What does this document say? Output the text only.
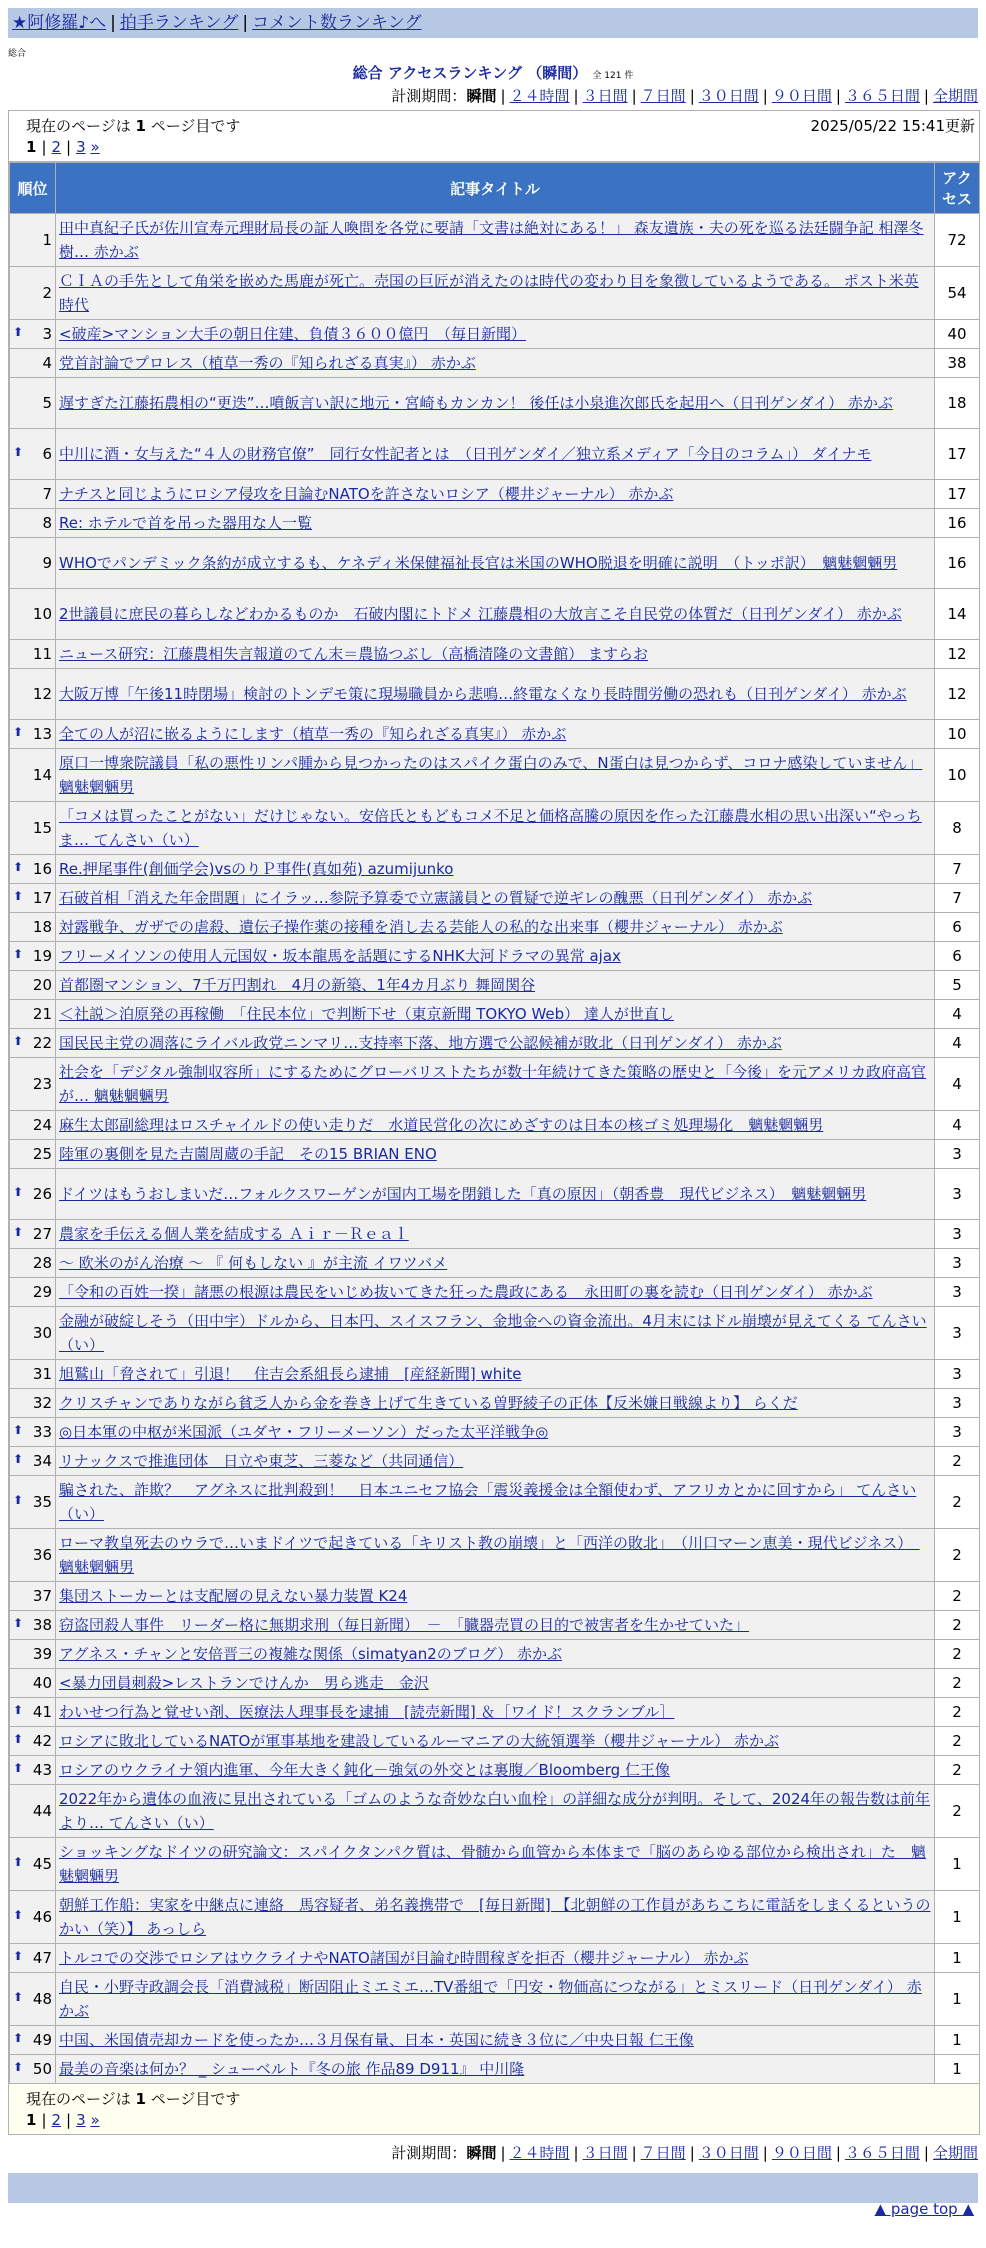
★阿修羅♪へ | 拍手ランキング | コメント数ランキング
総合
総合 アクセスランキング （瞬間） 全 121 件
計測期間：瞬間 | ２４時間 | ３日間 | ７日間 | ３０日間 | ９０日間 | ３６５日間 | 全期間
現在のページは 1 ページ目です	2025/05/22 15:41更新
1 | 2 | 3 »
順位	記事タイトル	アクセス
1	田中真紀子氏が佐川宣寿元理財局長の証人喚問を各党に要請「文書は絶対にある！」 森友遺族・夫の死を巡る法廷闘争記 相澤冬樹… 赤かぶ	72
2	ＣＩＡの手先として角栄を嵌めた馬鹿が死亡。売国の巨匠が消えたのは時代の変わり目を象徴しているようである。 ポスト米英時代	54

⬆ 3	<破産>マンション大手の朝日住建、負債３６００億円　（毎日新聞）	40
4	党首討論でプロレス（植草一秀の『知られざる真実』） 赤かぶ	38
5	遅すぎた江藤拓農相の“更迭”…噴飯言い訳に地元・宮崎もカンカン！ 後任は小泉進次郎氏を起用へ（日刊ゲンダイ） 赤かぶ	18

⬆ 6	中川に酒・女与えた“４人の財務官僚”　同行女性記者とは　（日刊ゲンダイ／独立系メディア「今日のコラム」） ダイナモ	17
7	ナチスと同じようにロシア侵攻を目論むNATOを許さないロシア（櫻井ジャーナル） 赤かぶ	17
8	Re: ホテルで首を吊った器用な人一覧	16
9	WHOでパンデミック条約が成立するも、ケネディ米保健福祉長官は米国のWHO脱退を明確に説明　（トッポ訳）　魑魅魍魎男	16
10	2世議員に庶民の暮らしなどわかるものか　石破内閣にトドメ 江藤農相の大放言こそ自民党の体質だ（日刊ゲンダイ） 赤かぶ	14
11	ニュース研究：江藤農相失言報道のてん末＝農協つぶし（高橋清隆の文書館） ますらお	12
12	大阪万博「午後11時閉場」検討のトンデモ策に現場職員から悲鳴…終電なくなり長時間労働の恐れも（日刊ゲンダイ） 赤かぶ	12

⬆ 13	全ての人が沼に嵌るようにします（植草一秀の『知られざる真実』） 赤かぶ	10
14	原口一博衆院議員「私の悪性リンパ腫から見つかったのはスパイク蛋白のみで、N蛋白は見つからず、コロナ感染していません」 魑魅魍魎男	10
15	「コメは買ったことがない」だけじゃない。安倍氏ともどもコメ不足と価格高騰の原因を作った江藤農水相の思い出深い“やっちま… てんさい（い）	8

⬆ 16	Re.押尾事件(創価学会)vsのりＰ事件(真如苑) azumijunko	7

⬆ 17	石破首相「消えた年金問題」にイラッ…参院予算委で立憲議員との質疑で逆ギレの醜悪（日刊ゲンダイ） 赤かぶ	7
18	対露戦争、ガザでの虐殺、遺伝子操作薬の接種を消し去る芸能人の私的な出来事（櫻井ジャーナル） 赤かぶ	6

⬆ 19	フリーメイソンの使用人元国奴・坂本龍馬を話題にするNHK大河ドラマの異常 ajax	6
20	首都圏マンション、7千万円割れ　4月の新築、1年4カ月ぶり 舞岡関谷	5
21	＜社説＞泊原発の再稼働　「住民本位」で判断下せ（東京新聞 TOKYO Web） 達人が世直し	4

⬆ 22	国民民主党の凋落にライバル政党ニンマリ…支持率下落、地方選で公認候補が敗北（日刊ゲンダイ） 赤かぶ	4
23	社会を「デジタル強制収容所」にするためにグローバリストたちが数十年続けてきた策略の歴史と「今後」を元アメリカ政府高官が… 魑魅魍魎男	4
24	麻生太郎副総理はロスチャイルドの使い走りだ　水道民営化の次にめざすのは日本の核ゴミ処理場化　魑魅魍魎男	4
25	陸軍の裏側を見た吉薗周蔵の手記　その15 BRIAN ENO	3

⬆ 26	ドイツはもうおしまいだ…フォルクスワーゲンが国内工場を閉鎖した「真の原因」（朝香豊　現代ビジネス）　魑魅魍魎男	3

⬆ 27	農家を手伝える個人業を結成する Ａｉｒ－Ｒｅａｌ	3
28	～ 欧米のがん治療 ～ 『 何もしない 』が主流 イワツバメ	3
29	「令和の百姓一揆」諸悪の根源は農民をいじめ抜いてきた狂った農政にある　永田町の裏を読む（日刊ゲンダイ） 赤かぶ	3
30	金融が破綻しそう（田中宇）ドルから、日本円、スイスフラン、金地金への資金流出。4月末にはドル崩壊が見えてくる てんさい（い）	3
31	旭鷲山「脅されて」引退！　住吉会系組長ら逮捕　[産経新聞] white	3
32	クリスチャンでありながら貧乏人から金を巻き上げて生きている曽野綾子の正体【反米嫌日戦線より】 らくだ	3

⬆ 33	◎日本軍の中枢が米国派（ユダヤ・フリーメーソン）だった太平洋戦争◎	3

⬆ 34	リナックスで推進団体　日立や東芝、三菱など（共同通信）	2

⬆ 35	騙された、詐欺？　アグネスに批判殺到！　日本ユニセフ協会「震災義援金は全額使わず、アフリカとかに回すから」 てんさい（い）	2
36	ローマ教皇死去のウラで…いまドイツで起きている「キリスト教の崩壊」と「西洋の敗北」　（川口マーン恵美・現代ビジネス）　魑魅魍魎男	2
37	集団ストーカーとは支配層の見えない暴力装置 K24	2

⬆ 38	窃盗団殺人事件　リーダー格に無期求刑（毎日新聞）　－　「臓器売買の目的で被害者を生かせていた」	2
39	アグネス・チャンと安倍晋三の複雑な関係（simatyan2のブログ） 赤かぶ	2
40	<暴力団員刺殺>レストランでけんか　男ら逃走　金沢	2

⬆ 41	わいせつ行為と覚せい剤、医療法人理事長を逮捕　[読売新聞] ＆［ワイド！スクランブル］	2

⬆ 42	ロシアに敗北しているNATOが軍事基地を建設しているルーマニアの大統領選挙（櫻井ジャーナル） 赤かぶ	2

⬆ 43	ロシアのウクライナ領内進軍、今年大きく鈍化－強気の外交とは裏腹／Bloomberg 仁王像	2
44	2022年から遺体の血液に見出されている「ゴムのような奇妙な白い血栓」の詳細な成分が判明。そして、2024年の報告数は前年より… てんさい（い）	2

⬆ 45	ショッキングなドイツの研究論文：スパイクタンパク質は、骨髄から血管から本体まで「脳のあらゆる部位から検出され」た　魑魅魍魎男	1

⬆ 46	朝鮮工作船：実家を中継点に連絡　馬容疑者、弟名義携帯で　[毎日新聞] 【北朝鮮の工作員があちこちに電話をしまくるというのかい（笑）】 あっしら	1

⬆ 47	トルコでの交渉でロシアはウクライナやNATO諸国が目論む時間稼ぎを拒否（櫻井ジャーナル） 赤かぶ	1

⬆ 48	自民・小野寺政調会長「消費減税」断固阻止ミエミエ…TV番組で「円安・物価高につながる」とミスリード（日刊ゲンダイ） 赤かぶ	1

⬆ 49	中国、米国債売却カードを使ったか…３月保有量、日本・英国に続き３位に／中央日報 仁王像	1

⬆ 50	最美の音楽は何か？ _ シューベルト『冬の旅 作品89 D911』 中川隆	1
現在のページは 1 ページ目です
1 | 2 | 3 »
計測期間：瞬間 | ２４時間 | ３日間 | ７日間 | ３０日間 | ９０日間 | ３６５日間 | 全期間
▲ page top ▲
